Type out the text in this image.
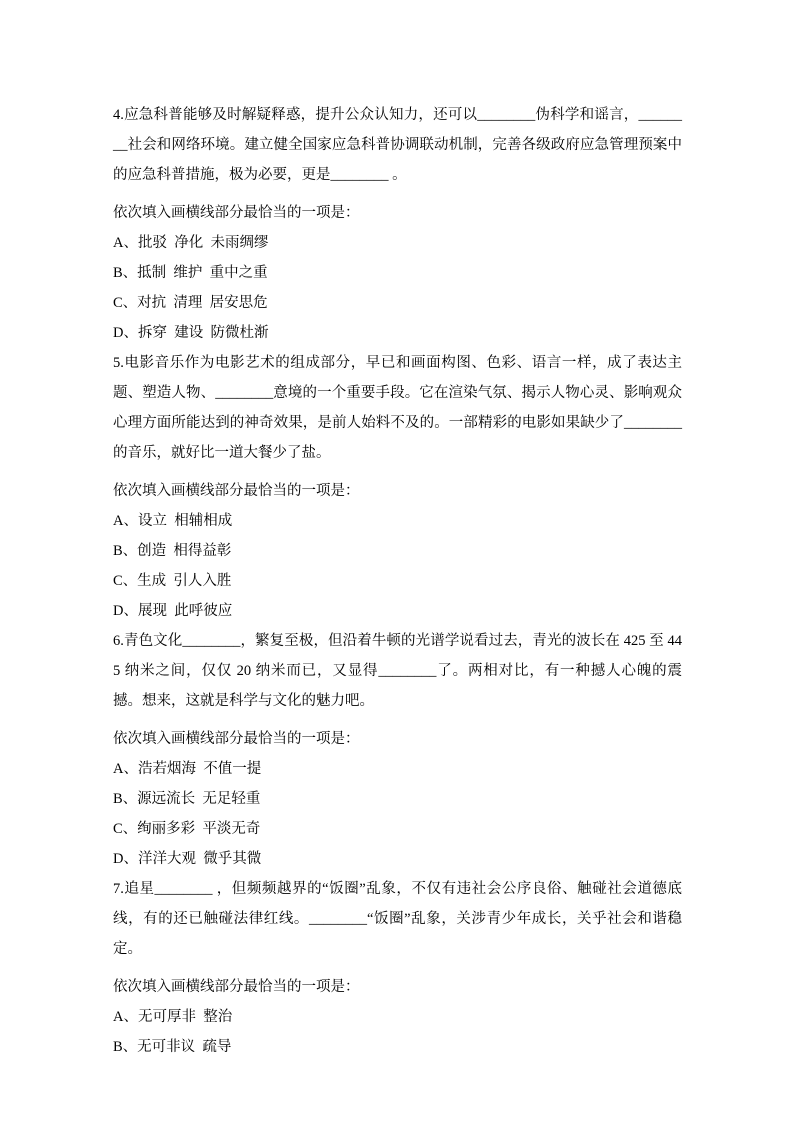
4.应急科普能够及时解疑释惑，提升公众认知力，还可以________伪科学和谣言，________社会和网络环境。建立健全国家应急科普协调联动机制，完善各级政府应急管理预案中的应急科普措施，极为必要，更是________ 。

依次填入画横线部分最恰当的一项是：

A、批驳  净化  未雨绸缪

B、抵制  维护  重中之重

C、对抗  清理  居安思危

D、拆穿  建设  防微杜渐

5.电影音乐作为电影艺术的组成部分，早已和画面构图、色彩、语言一样，成了表达主题、塑造人物、________意境的一个重要手段。它在渲染气氛、揭示人物心灵、影响观众心理方面所能达到的神奇效果，是前人始料不及的。一部精彩的电影如果缺少了________的音乐，就好比一道大餐少了盐。

依次填入画横线部分最恰当的一项是：

A、设立  相辅相成

B、创造  相得益彰

C、生成  引人入胜

D、展现  此呼彼应

6.青色文化________，繁复至极，但沿着牛顿的光谱学说看过去，青光的波长在 425 至 445 纳米之间，仅仅 20 纳米而已，又显得________了。两相对比，有一种撼人心魄的震撼。想来，这就是科学与文化的魅力吧。

依次填入画横线部分最恰当的一项是：

A、浩若烟海  不值一提

B、源远流长  无足轻重

C、绚丽多彩  平淡无奇

D、洋洋大观  微乎其微

7.追星________ ，但频频越界的“饭圈”乱象，不仅有违社会公序良俗、触碰社会道德底线，有的还已触碰法律红线。________“饭圈”乱象，关涉青少年成长，关乎社会和谐稳定。

依次填入画横线部分最恰当的一项是：

A、无可厚非  整治

B、无可非议  疏导
